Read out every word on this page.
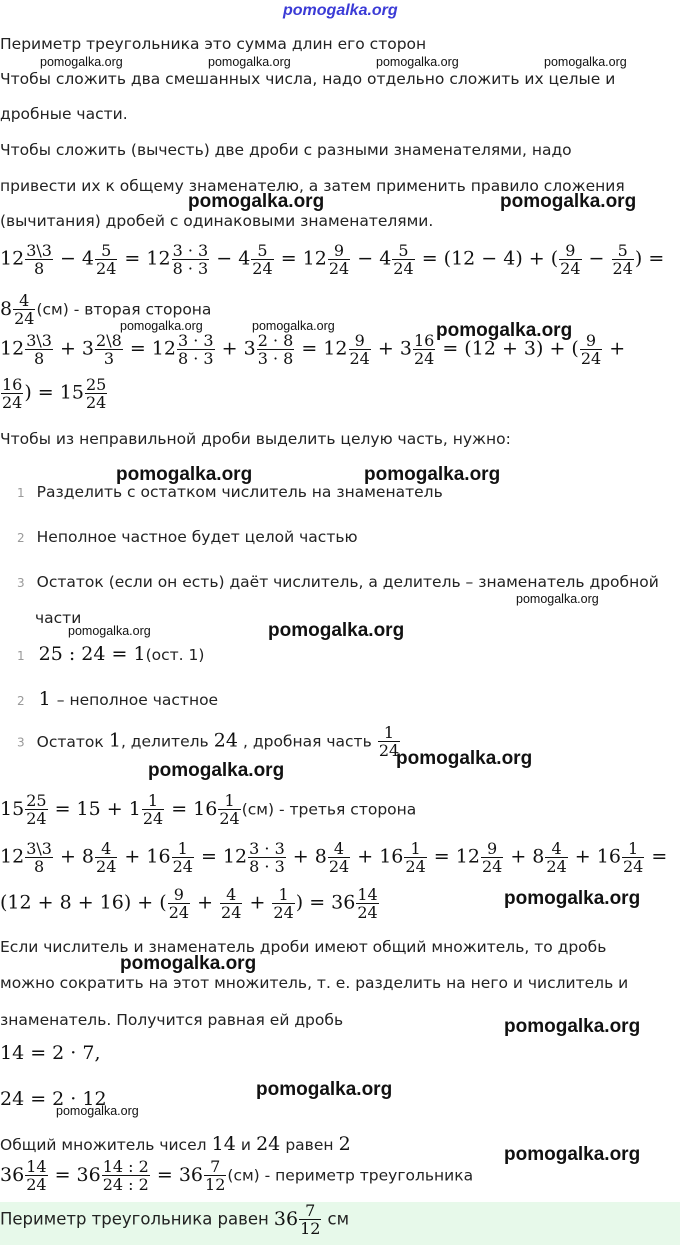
pomogalka.org
Периметр треугольника это сумма длин его сторон
Чтобы сложить два смешанных числа, надо отдельно сложить их целые и
дробные части.
Чтобы сложить (вычесть) две дроби с разными знаменателями, надо
привести их к общему знаменателю, а затем применить правило сложения
(вычитания) дробей с одинаковыми знаменателями.
$12 \frac{3\backslash 3}{8} - 4 \frac{5}{24} = 12 \frac{3 \cdot 3}{8 \cdot 3} - 4 \frac{5}{24} = 12 \frac{9}{24} - 4 \frac{5}{24} = (12 - 4)$ + ( $\frac{9}{24} - \frac{5}{24}$ ) =
$8 \frac{4}{24} (см)$ - вторая сторона
$12 \frac{3\backslash 3}{8} + 3 \frac{2\backslash 8}{3} = 12 \frac{3 \cdot 3}{8 \cdot 3} + 3 \frac{2 \cdot 8}{3 \cdot 8} = 12 \frac{9}{24} + 3 \frac{16}{24} = (12 + 3)$ + ( $\frac{9}{24}$ +
$\frac{16}{24}$ ) = $15 \frac{25}{24}$
Чтобы из неправильной дроби выделить целую часть, нужно:
1 Разделить с остатком числитель на знаменатель
2 Неполное частное будет целой частью
3 Остаток (если он есть) даёт числитель, а делитель – знаменатель дробной
части
1 25 : 24 = 1(ост. 1)
2 1 – неполное частное
3 Остаток 1, делитель 24 , дробная часть $\frac{1}{24}$
$15 \frac{25}{24} = 15 + 1 \frac{1}{24} = 16 \frac{1}{24} (см)$ - третья сторона
$12 \frac{3\backslash 3}{8} + 8 \frac{4}{24} + 16 \frac{1}{24} = 12 \frac{3 \cdot 3}{8 \cdot 3} + 8 \frac{4}{24} + 16 \frac{1}{24} = 12 \frac{9}{24} + 8 \frac{4}{24} + 16 \frac{1}{24}$ =
(12 + 8 + 16) + ( $\frac{9}{24} + \frac{4}{24} + \frac{1}{24}$ ) = $36 \frac{14}{24}$
Если числитель и знаменатель дроби имеют общий множитель, то дробь
можно сократить на этот множитель, т. е. разделить на него и числитель и
знаменатель. Получится равная ей дробь
14 = 2 · 7,
24 = 2 · 12
Общий множитель чисел 14 и 24 равен 2
$36 \frac{14}{24} = 36 \frac{14 : 2}{24 : 2} = 36 \frac{7}{12} (см)$ - периметр треугольника
Периметр треугольника равен $36 \frac{7}{12}$ см
pomogalka.org	pomogalka.org	pomogalka.org	pomogalka.org
pomogalka.org	pomogalka.org
pomogalka.org	pomogalka.org	pomogalka.org
pomogalka.org	pomogalka.org
pomogalka.org
pomogalka.org	pomogalka.org
pomogalka.org
pomogalka.org
pomogalka.org
pomogalka.org
pomogalka.org
pomogalka.org
pomogalka.org
pomogalka.org
